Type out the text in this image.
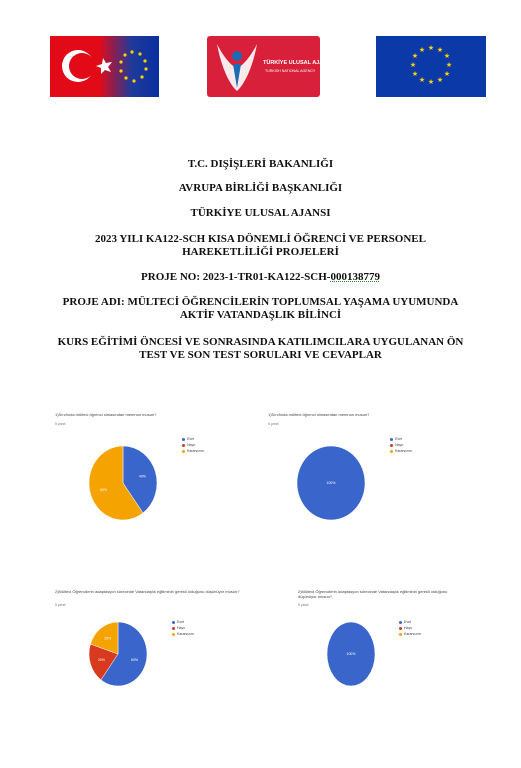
TÜRKİYE ULUSAL AJANSI
TURKISH NATIONAL AGENCY
★ ★
★
★
★
★
★
★
★
★
★
★

T.C. DIŞİŞLERİ BAKANLIĞI

AVRUPA BİRLİĞİ BAŞKANLIĞI

TÜRKİYE ULUSAL AJANSI

2023 YILI KA122-SCH KISA DÖNEMLİ ÖĞRENCİ VE PERSONEL HAREKETLİLİĞİ PROJELERİ

PROJE NO: 2023-1-TR01-KA122-SCH-000138779

PROJE ADI: MÜLTECİ ÖĞRENCİLERİN TOPLUMSAL YAŞAMA UYUMUNDA AKTİF VATANDAŞLIK BİLİNCİ

KURS EĞİTİMİ ÖNCESİ VE SONRASINDA KATILIMCILARA UYGULANAN ÖN TEST VE SON TEST SORULARI VE CEVAPLAR

1)Sınıfında mülteci öğrenci olmasından memnun musun?
5 yanıt
40%
60%
Evet
Hayır
Kararsızım
1)Sınıfında mülteci öğrenci olmasından memnun musun?
5 yanıt
100%
Evet
Hayır
Kararsızım
2)Mülteci Öğrencilerin adaptasyon sürecinde Vatandaşlık eğitiminin gerekli olduğunu düşünüyor musun?
5 yanıt
60%
20%
20%
Evet
Hayır
Kararsızım
2)Mülteci Öğrencilerin adaptasyon sürecinde Vatandaşlık eğitiminin gerekli olduğunu düşünüyor musun?
5 yanıt
100%
Evet
Hayır
Kararsızım
